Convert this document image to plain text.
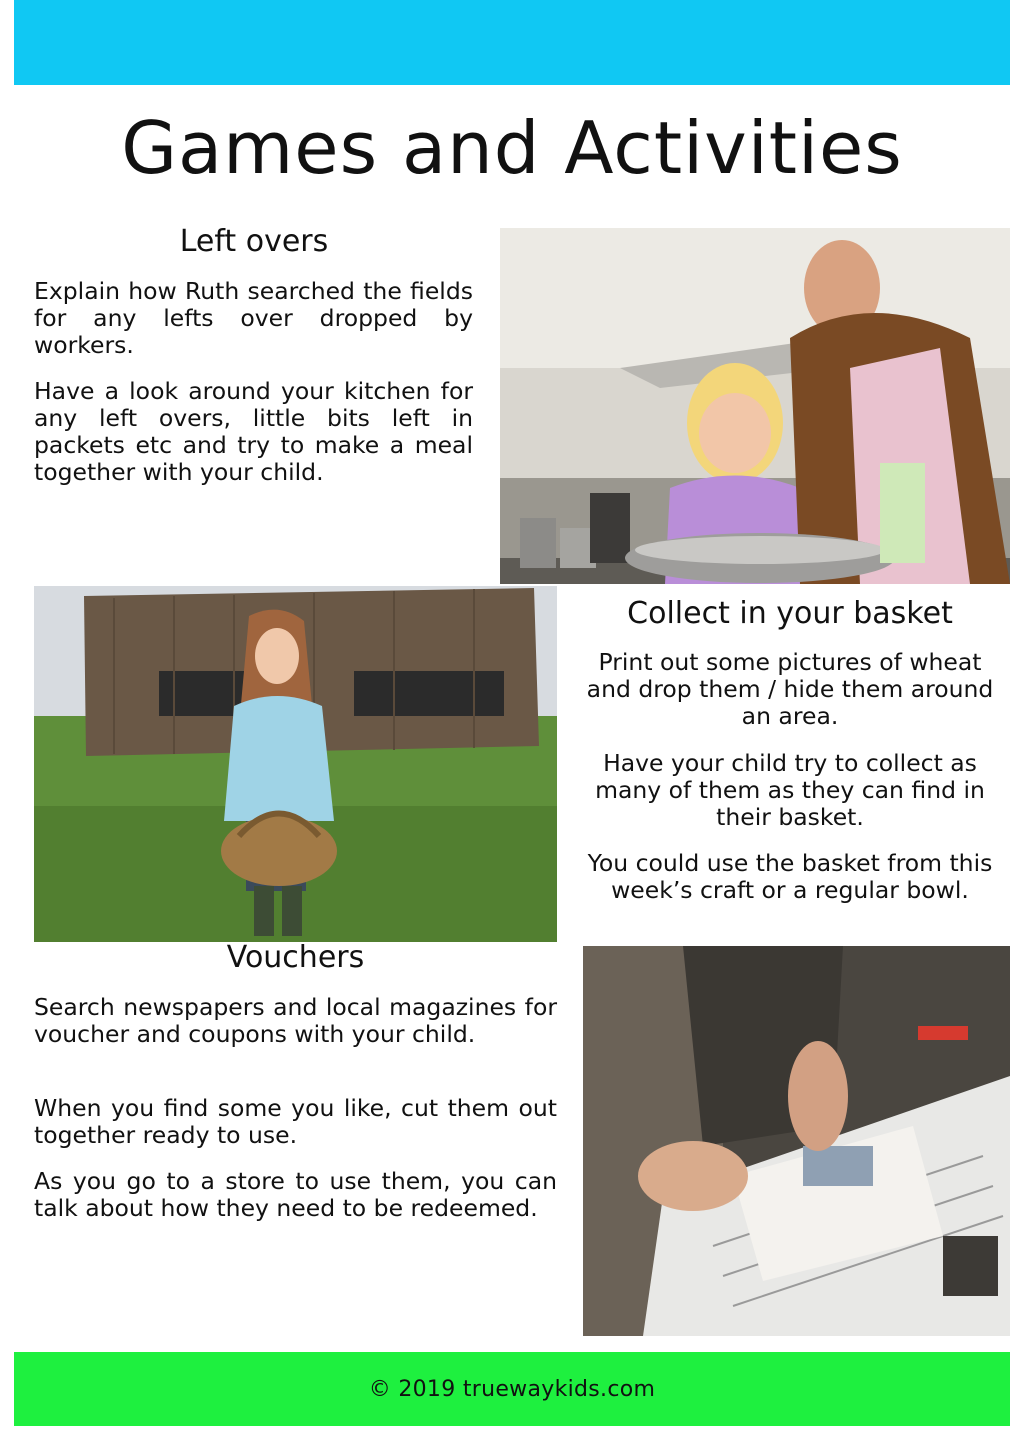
Games and Activities
Left overs

Explain how Ruth searched the fields for any lefts over dropped by workers.

Have a look around your kitchen for any left overs, little bits left in packets etc and try to make a meal together with your child.

Collect in your basket

Print out some pictures of wheat and drop them / hide them around an area.

Have your child try to collect as many of them as they can find in their basket.

You could use the basket from this week’s craft or a regular bowl.

Vouchers

Search newspapers and local magazines for voucher and coupons with your child.

When you find some you like, cut them out together ready to use.

As you go to a store to use them, you can talk about how they need to be redeemed.

© 2019 truewaykids.com
